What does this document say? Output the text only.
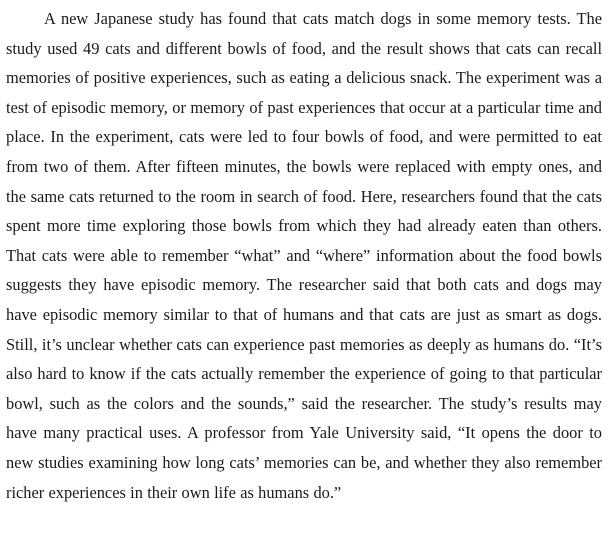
A new Japanese study has found that cats match dogs in some memory tests. The study used 49 cats and different bowls of food, and the result shows that cats can recall memories of positive experiences, such as eating a delicious snack. The experiment was a test of episodic memory, or memory of past experiences that occur at a particular time and place. In the experiment, cats were led to four bowls of food, and were permitted to eat from two of them. After fifteen minutes, the bowls were replaced with empty ones, and the same cats returned to the room in search of food. Here, researchers found that the cats spent more time exploring those bowls from which they had already eaten than others. That cats were able to remember “what” and “where” information about the food bowls suggests they have episodic memory. The researcher said that both cats and dogs may have episodic memory similar to that of humans and that cats are just as smart as dogs. Still, it’s unclear whether cats can experience past memories as deeply as humans do. “It’s also hard to know if the cats actually remember the experience of going to that particular bowl, such as the colors and the sounds,” said the researcher. The study’s results may have many practical uses. A professor from Yale University said, “It opens the door to new studies examining how long cats’ memories can be, and whether they also remember richer experiences in their own life as humans do.”
